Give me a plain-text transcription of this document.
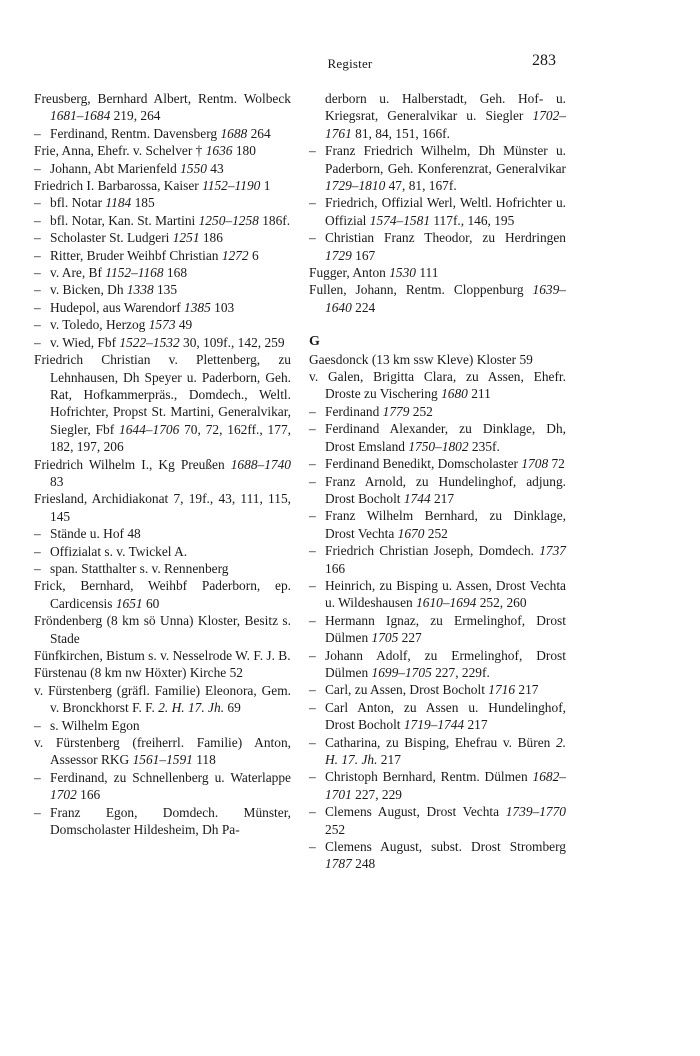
Register	283
Freusberg, Bernhard Albert, Rentm. Wolbeck 1681–1684 219, 264
– Ferdinand, Rentm. Davensberg 1688 264
Frie, Anna, Ehefr. v. Schelver † 1636 180
– Johann, Abt Marienfeld 1550 43
Friedrich I. Barbarossa, Kaiser 1152–1190 1
– bfl. Notar 1184 185
– bfl. Notar, Kan. St. Martini 1250–1258 186f.
– Scholaster St. Ludgeri 1251 186
– Ritter, Bruder Weihbf Christian 1272 6
– v. Are, Bf 1152–1168 168
– v. Bicken, Dh 1338 135
– Hudepol, aus Warendorf 1385 103
– v. Toledo, Herzog 1573 49
– v. Wied, Fbf 1522–1532 30, 109f., 142, 259
Friedrich Christian v. Plettenberg, zu Lehnhausen, Dh Speyer u. Paderborn, Geh. Rat, Hofkammerpräs., Domdech., Weltl. Hofrichter, Propst St. Martini, Generalvikar, Siegler, Fbf 1644–1706 70, 72, 162ff., 177, 182, 197, 206
Friedrich Wilhelm I., Kg Preußen 1688–1740 83
Friesland, Archidiakonat 7, 19f., 43, 111, 115, 145
– Stände u. Hof 48
– Offizialat s. v. Twickel A.
– span. Statthalter s. v. Rennenberg
Frick, Bernhard, Weihbf Paderborn, ep. Cardicensis 1651 60
Fröndenberg (8 km sö Unna) Kloster, Besitz s. Stade
Fünfkirchen, Bistum s. v. Nesselrode W. F. J. B.
Fürstenau (8 km nw Höxter) Kirche 52
v. Fürstenberg (gräfl. Familie) Eleonora, Gem. v. Bronckhorst F. F. 2. H. 17. Jh. 69
– s. Wilhelm Egon
v. Fürstenberg (freiherrl. Familie) Anton, Assessor RKG 1561–1591 118
– Ferdinand, zu Schnellenberg u. Waterlappe 1702 166
– Franz Egon, Domdech. Münster, Domscholaster Hildesheim, Dh Pa-
derborn u. Halberstadt, Geh. Hof- u. Kriegsrat, Generalvikar u. Siegler 1702–1761 81, 84, 151, 166f.
– Franz Friedrich Wilhelm, Dh Münster u. Paderborn, Geh. Konferenzrat, Generalvikar 1729–1810 47, 81, 167f.
– Friedrich, Offizial Werl, Weltl. Hofrichter u. Offizial 1574–1581 117f., 146, 195
– Christian Franz Theodor, zu Herdringen 1729 167
Fugger, Anton 1530 111
Fullen, Johann, Rentm. Cloppenburg 1639–1640 224
G
Gaesdonck (13 km ssw Kleve) Kloster 59
v. Galen, Brigitta Clara, zu Assen, Ehefr. Droste zu Vischering 1680 211
– Ferdinand 1779 252
– Ferdinand Alexander, zu Dinklage, Dh, Drost Emsland 1750–1802 235f.
– Ferdinand Benedikt, Domscholaster 1708 72
– Franz Arnold, zu Hundelinghof, adjung. Drost Bocholt 1744 217
– Franz Wilhelm Bernhard, zu Dinklage, Drost Vechta 1670 252
– Friedrich Christian Joseph, Domdech. 1737 166
– Heinrich, zu Bisping u. Assen, Drost Vechta u. Wildeshausen 1610–1694 252, 260
– Hermann Ignaz, zu Ermelinghof, Drost Dülmen 1705 227
– Johann Adolf, zu Ermelinghof, Drost Dülmen 1699–1705 227, 229f.
– Carl, zu Assen, Drost Bocholt 1716 217
– Carl Anton, zu Assen u. Hundelinghof, Drost Bocholt 1719–1744 217
– Catharina, zu Bisping, Ehefrau v. Büren 2. H. 17. Jh. 217
– Christoph Bernhard, Rentm. Dülmen 1682–1701 227, 229
– Clemens August, Drost Vechta 1739–1770 252
– Clemens August, subst. Drost Stromberg 1787 248
